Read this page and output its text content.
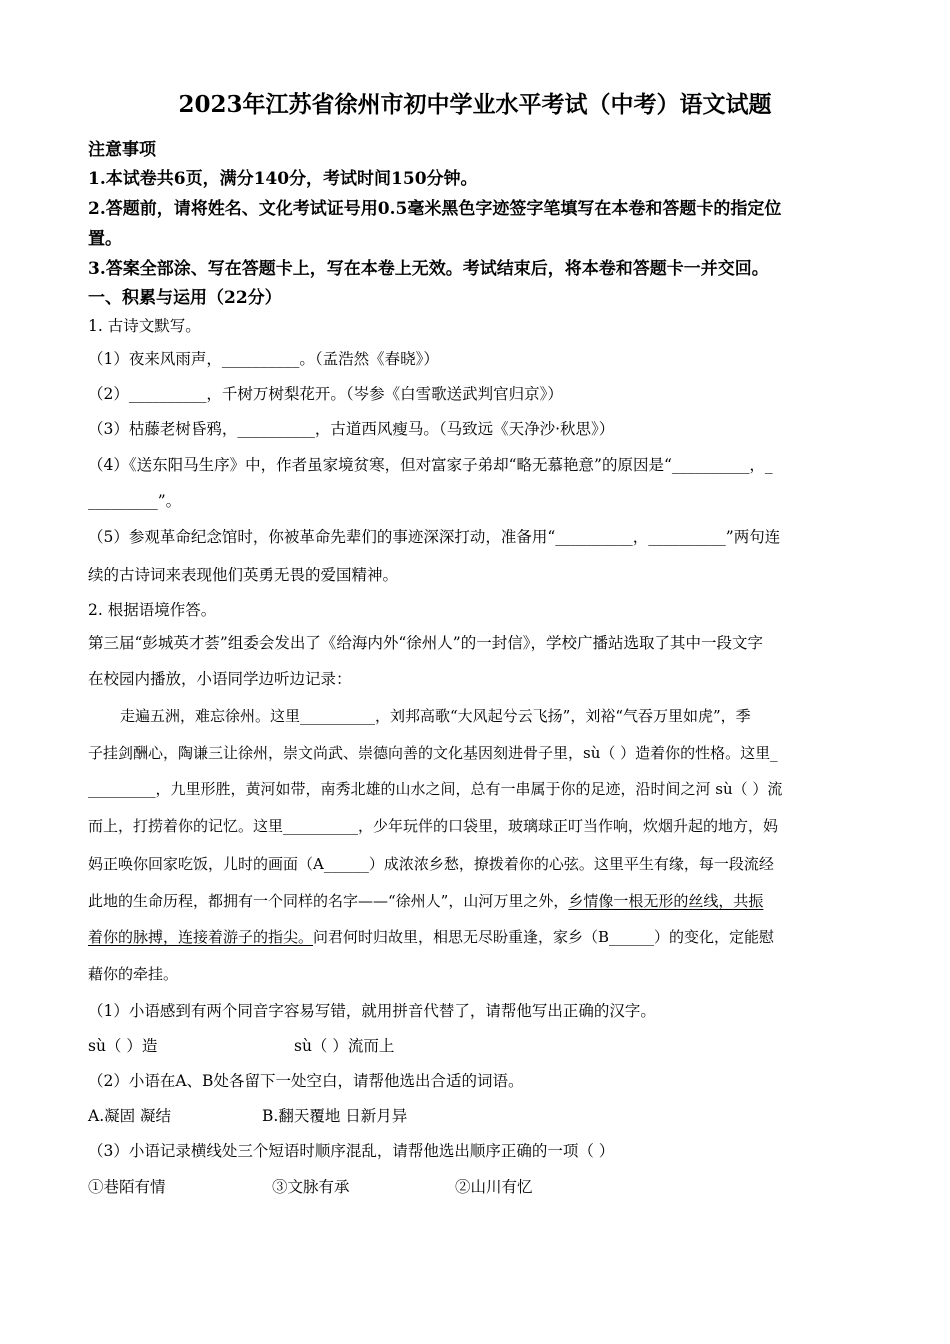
2023年江苏省徐州市初中学业水平考试（中考）语文试题
注意事项
1.本试卷共6页，满分140分，考试时间150分钟。
2.答题前，请将姓名、文化考试证号用0.5毫米黑色字迹签字笔填写在本卷和答题卡的指定位
置。
3.答案全部涂、写在答题卡上，写在本卷上无效。考试结束后，将本卷和答题卡一并交回。
一、积累与运用（22分）
1. 古诗文默写。
（1）夜来风雨声，__________。（孟浩然《春晓》）
（2）__________，千树万树梨花开。（岑参《白雪歌送武判官归京》）
（3）枯藤老树昏鸦，__________，古道西风瘦马。（马致远《天净沙·秋思》）
（4）《送东阳马生序》中，作者虽家境贫寒，但对富家子弟却“略无慕艳意”的原因是“__________，_
_________”。
（5）参观革命纪念馆时，你被革命先辈们的事迹深深打动，准备用“__________，__________”两句连
续的古诗词来表现他们英勇无畏的爱国精神。
2. 根据语境作答。
第三届“彭城英才荟”组委会发出了《给海内外“徐州人”的一封信》，学校广播站选取了其中一段文字
在校园内播放，小语同学边听边记录：
走遍五洲，难忘徐州。这里__________，刘邦高歌“大风起兮云飞扬”，刘裕“气吞万里如虎”，季
子挂剑酬心，陶谦三让徐州，崇文尚武、崇德向善的文化基因刻进骨子里，sù（ ）造着你的性格。这里_
_________，九里形胜，黄河如带，南秀北雄的山水之间，总有一串属于你的足迹，沿时间之河 sù（ ）流
而上，打捞着你的记忆。这里__________，少年玩伴的口袋里，玻璃球正叮当作响，炊烟升起的地方，妈
妈正唤你回家吃饭，儿时的画面（A______）成浓浓乡愁，撩拨着你的心弦。这里平生有缘，每一段流经
此地的生命历程，都拥有一个同样的名字——“徐州人”，山河万里之外，乡情像一根无形的丝线，共振
着你的脉搏，连接着游子的指尖。问君何时归故里，相思无尽盼重逢，家乡（B______）的变化，定能慰
藉你的牵挂。
（1）小语感到有两个同音字容易写错，就用拼音代替了，请帮他写出正确的汉字。
sù（ ）造	sù（ ）流而上
（2）小语在A、B处各留下一处空白，请帮他选出合适的词语。
A.凝固 凝结	B.翻天覆地 日新月异
（3）小语记录横线处三个短语时顺序混乱，请帮他选出顺序正确的一项（ ）
①巷陌有情	③文脉有承	②山川有忆
